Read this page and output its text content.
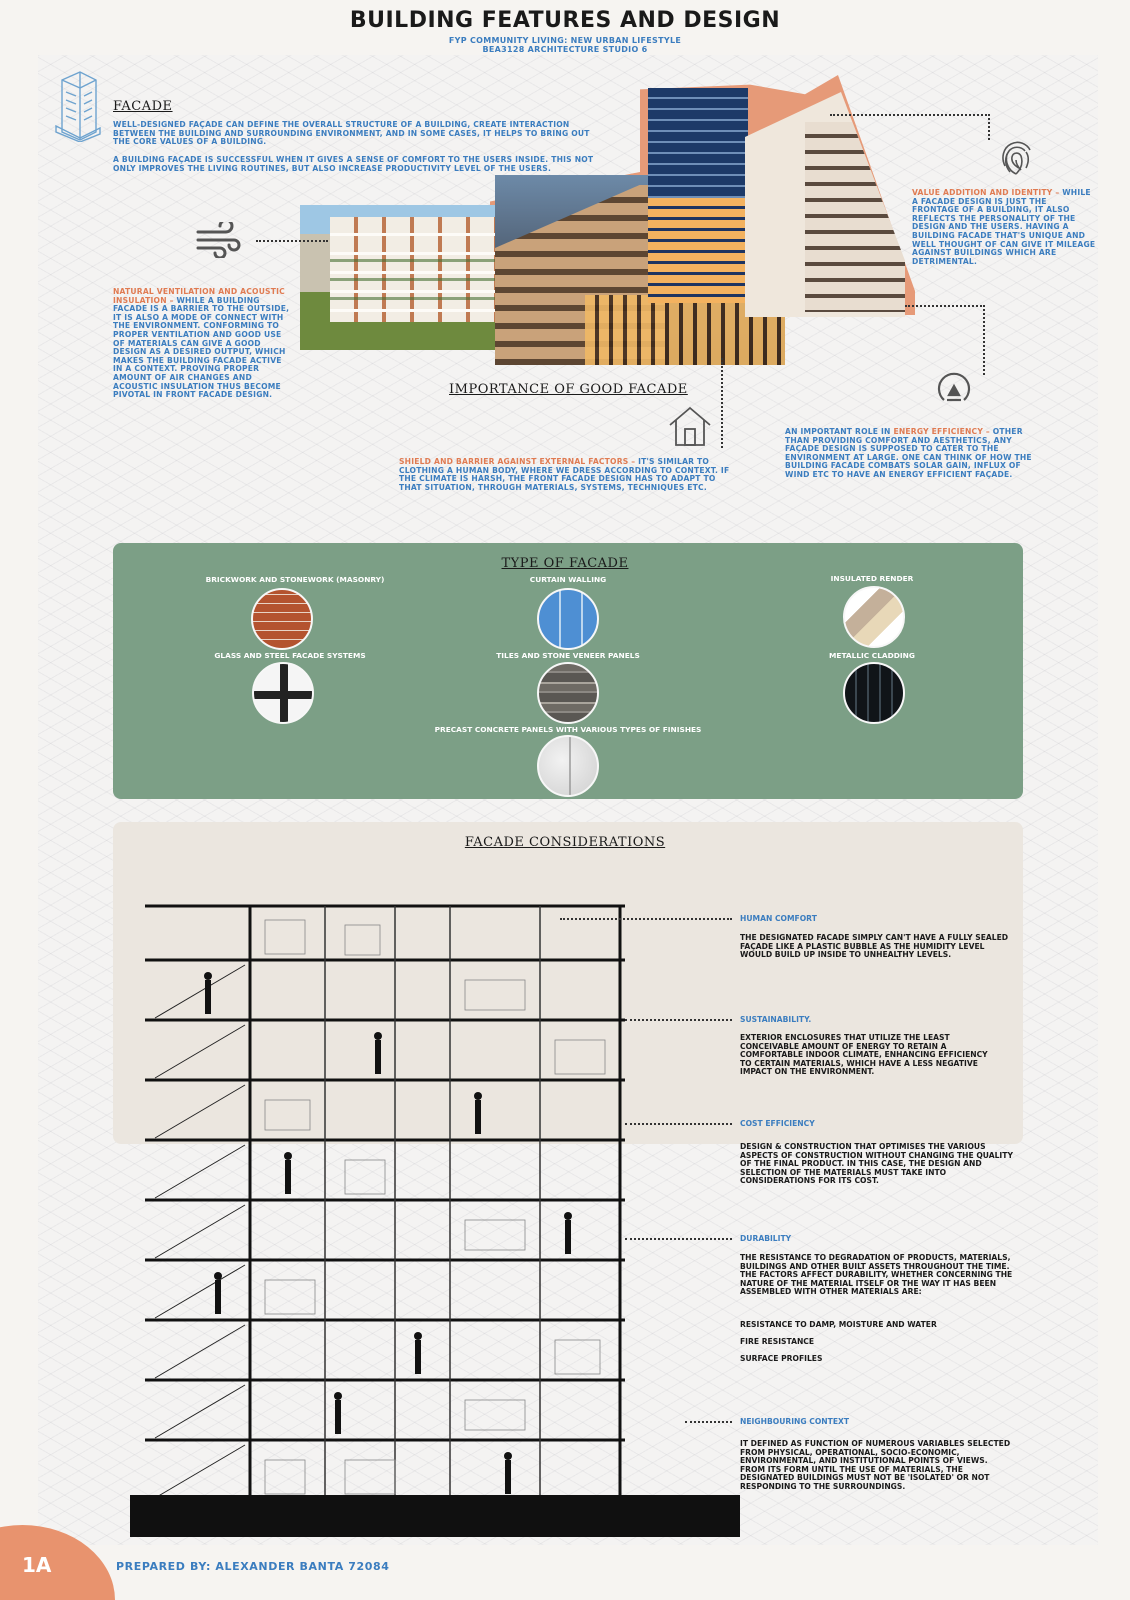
BUILDING FEATURES AND DESIGN
FYP COMMUNITY LIVING: NEW URBAN LIFESTYLE
BEA3128 ARCHITECTURE STUDIO 6
FACADE
WELL-DESIGNED FAÇADE CAN DEFINE THE OVERALL STRUCTURE OF A BUILDING, CREATE INTERACTION BETWEEN THE BUILDING AND SURROUNDING ENVIRONMENT, AND IN SOME CASES, IT HELPS TO BRING OUT THE CORE VALUES OF A BUILDING.
A BUILDING FAÇADE IS SUCCESSFUL WHEN IT GIVES A SENSE OF COMFORT TO THE USERS INSIDE. THIS NOT ONLY IMPROVES THE LIVING ROUTINES, BUT ALSO INCREASE PRODUCTIVITY LEVEL OF THE USERS.
NATURAL VENTILATION AND ACOUSTIC INSULATION – WHILE A BUILDING FACADE IS A BARRIER TO THE OUTSIDE, IT IS ALSO A MODE OF CONNECT WITH THE ENVIRONMENT. CONFORMING TO PROPER VENTILATION AND GOOD USE OF MATERIALS CAN GIVE A GOOD DESIGN AS A DESIRED OUTPUT, WHICH MAKES THE BUILDING FACADE ACTIVE IN A CONTEXT. PROVING PROPER AMOUNT OF AIR CHANGES AND ACOUSTIC INSULATION THUS BECOME PIVOTAL IN FRONT FACADE DESIGN.
VALUE ADDITION AND IDENTITY – WHILE A FACADE DESIGN IS JUST THE FRONTAGE OF A BUILDING, IT ALSO REFLECTS THE PERSONALITY OF THE DESIGN AND THE USERS. HAVING A BUILDING FACADE THAT'S UNIQUE AND WELL THOUGHT OF CAN GIVE IT MILEAGE AGAINST BUILDINGS WHICH ARE DETRIMENTAL.
AN IMPORTANT ROLE IN ENERGY EFFICIENCY – OTHER THAN PROVIDING COMFORT AND AESTHETICS, ANY FAÇADE DESIGN IS SUPPOSED TO CATER TO THE ENVIRONMENT AT LARGE. ONE CAN THINK OF HOW THE BUILDING FACADE COMBATS SOLAR GAIN, INFLUX OF WIND ETC TO HAVE AN ENERGY EFFICIENT FAÇADE.
IMPORTANCE OF GOOD FACADE
SHIELD AND BARRIER AGAINST EXTERNAL FACTORS – IT'S SIMILAR TO CLOTHING A HUMAN BODY, WHERE WE DRESS ACCORDING TO CONTEXT. IF THE CLIMATE IS HARSH, THE FRONT FACADE DESIGN HAS TO ADAPT TO THAT SITUATION, THROUGH MATERIALS, SYSTEMS, TECHNIQUES ETC.
TYPE OF FACADE
BRICKWORK AND STONEWORK (MASONRY)	CURTAIN WALLING	INSULATED RENDER
GLASS AND STEEL FACADE SYSTEMS	TILES AND STONE VENEER PANELS	METALLIC CLADDING
PRECAST CONCRETE PANELS WITH VARIOUS TYPES OF FINISHES
FACADE CONSIDERATIONS
HUMAN COMFORT
THE DESIGNATED FACADE SIMPLY CAN'T HAVE A FULLY SEALED FAÇADE LIKE A PLASTIC BUBBLE AS THE HUMIDITY LEVEL WOULD BUILD UP INSIDE TO UNHEALTHY LEVELS.
SUSTAINABILITY.
EXTERIOR ENCLOSURES THAT UTILIZE THE LEAST CONCEIVABLE AMOUNT OF ENERGY TO RETAIN A COMFORTABLE INDOOR CLIMATE, ENHANCING EFFICIENCY TO CERTAIN MATERIALS, WHICH HAVE A LESS NEGATIVE IMPACT ON THE ENVIRONMENT.
COST EFFICIENCY
DESIGN & CONSTRUCTION THAT OPTIMISES THE VARIOUS ASPECTS OF CONSTRUCTION WITHOUT CHANGING THE QUALITY OF THE FINAL PRODUCT. IN THIS CASE, THE DESIGN AND SELECTION OF THE MATERIALS MUST TAKE INTO CONSIDERATIONS FOR ITS COST.
DURABILITY
THE RESISTANCE TO DEGRADATION OF PRODUCTS, MATERIALS, BUILDINGS AND OTHER BUILT ASSETS THROUGHOUT THE TIME. THE FACTORS AFFECT DURABILITY, WHETHER CONCERNING THE NATURE OF THE MATERIAL ITSELF OR THE WAY IT HAS BEEN ASSEMBLED WITH OTHER MATERIALS ARE:
RESISTANCE TO DAMP, MOISTURE AND WATER
FIRE RESISTANCE
SURFACE PROFILES
NEIGHBOURING CONTEXT
IT DEFINED AS FUNCTION OF NUMEROUS VARIABLES SELECTED FROM PHYSICAL, OPERATIONAL, SOCIO-ECONOMIC, ENVIRONMENTAL, AND INSTITUTIONAL POINTS OF VIEWS. FROM ITS FORM UNTIL THE USE OF MATERIALS, THE DESIGNATED BUILDINGS MUST NOT BE 'ISOLATED' OR NOT RESPONDING TO THE SURROUNDINGS.
1A	PREPARED BY: ALEXANDER BANTA 72084
